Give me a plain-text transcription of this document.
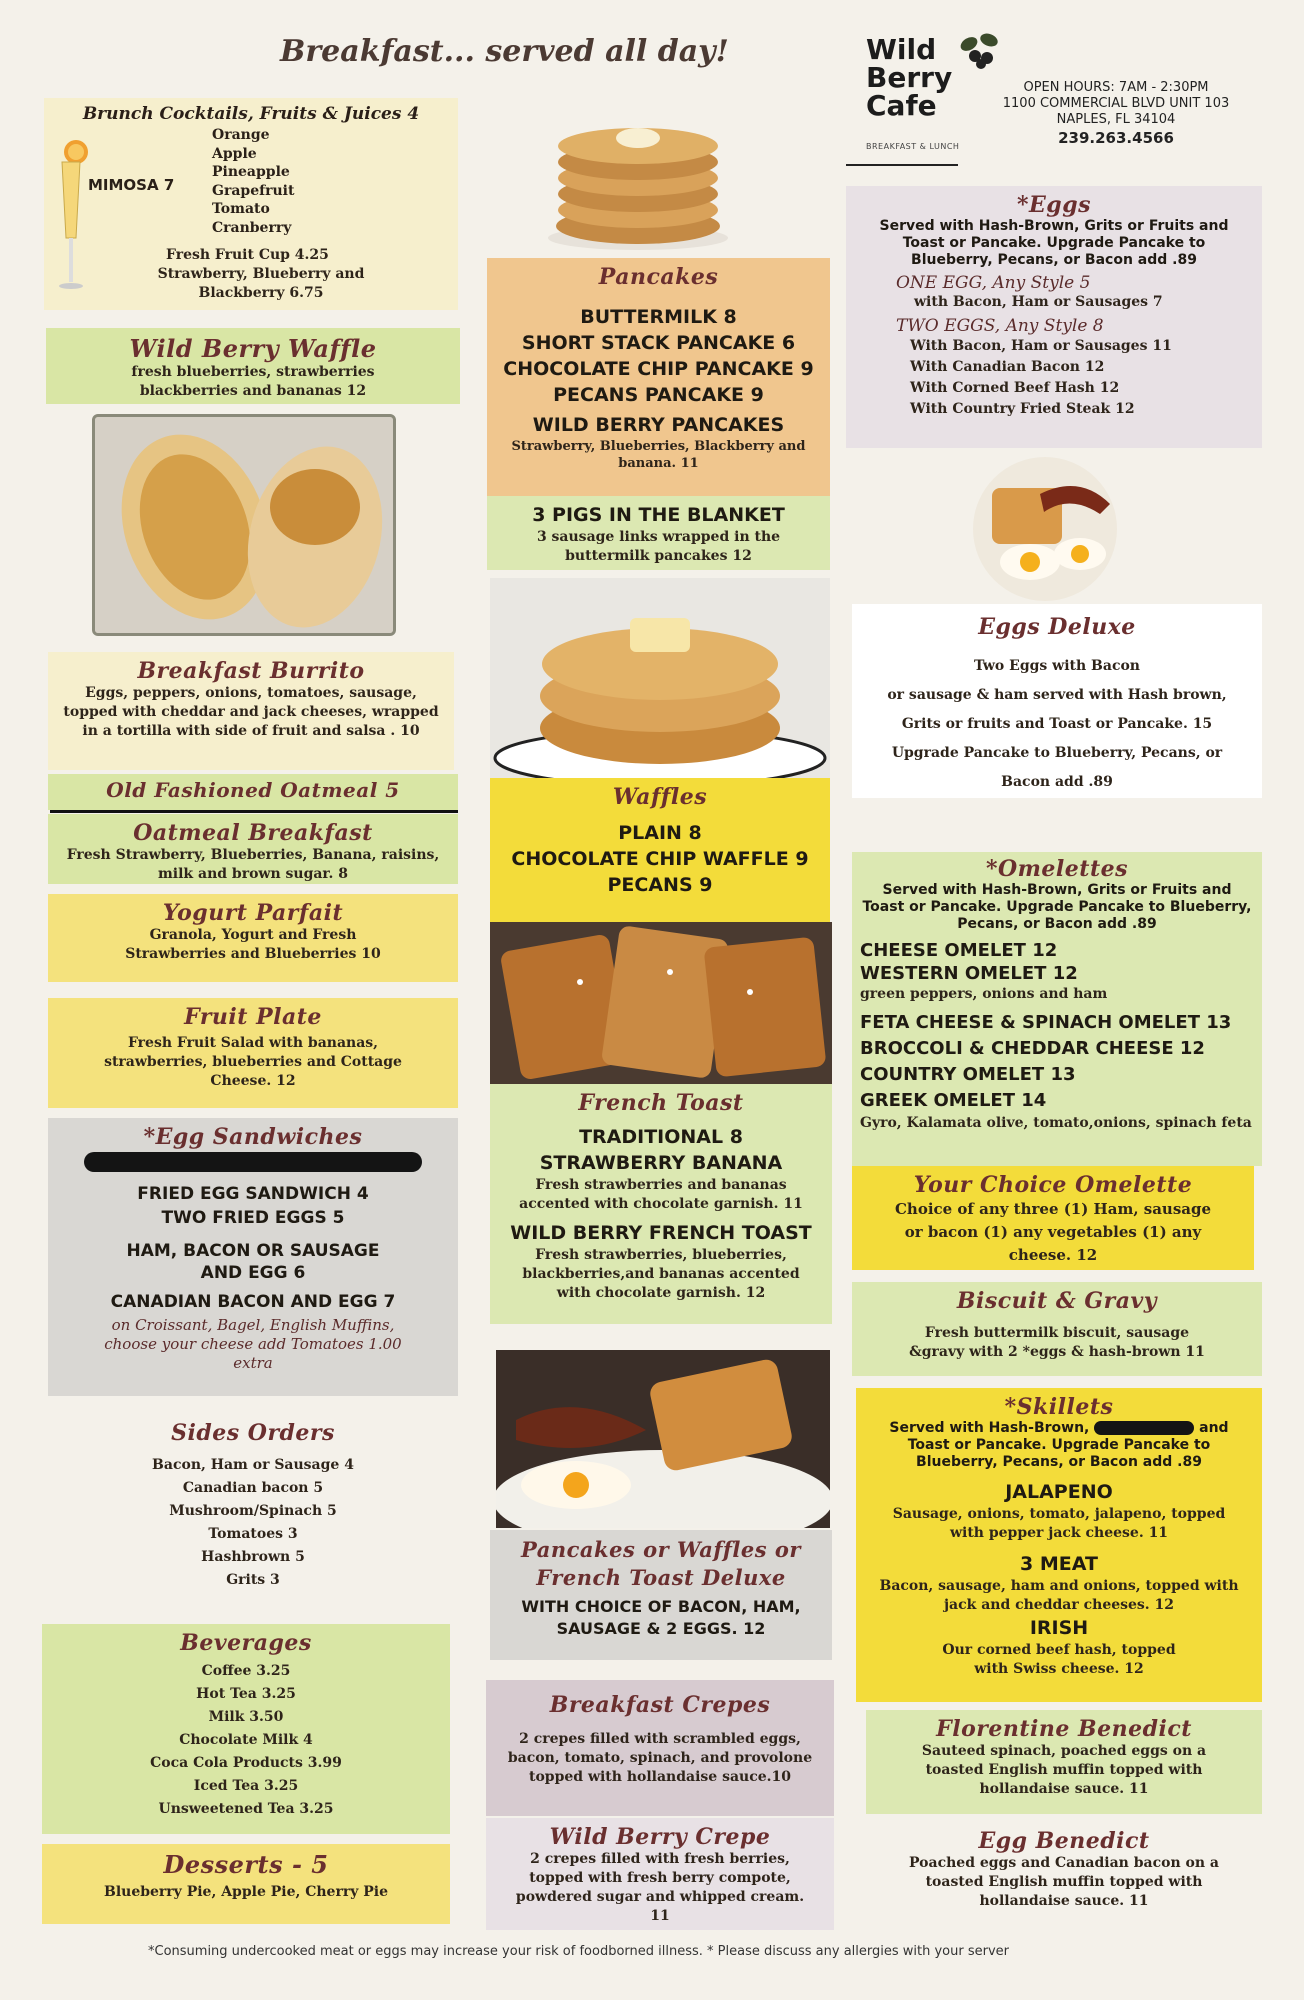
Breakfast... served all day!	Wild
Berry
Cafe
BREAKFAST & LUNCH
OPEN HOURS: 7AM - 2:30PM
1100 COMMERCIAL BLVD UNIT 103
NAPLES, FL 34104
239.263.4566
Brunch Cocktails, Fruits & Juices 4
MIMOSA 7
Orange
Apple
Pineapple
Grapefruit
Tomato
Cranberry
Fresh Fruit Cup 4.25
Strawberry, Blueberry and Blackberry 6.75
Wild Berry Waffle
fresh blueberries, strawberries blackberries and bananas 12
Breakfast Burrito
Eggs, peppers, onions, tomatoes, sausage, topped with cheddar and jack cheeses, wrapped in a tortilla with side of fruit and salsa . 10
Old Fashioned Oatmeal 5
Oatmeal Breakfast
Fresh Strawberry, Blueberries, Banana, raisins, milk and brown sugar. 8
Yogurt Parfait
Granola, Yogurt and Fresh Strawberries and Blueberries 10
Fruit Plate
Fresh Fruit Salad with bananas, strawberries, blueberries and Cottage Cheese. 12
*Egg Sandwiches
FRIED EGG SANDWICH 4
TWO FRIED EGGS 5
HAM, BACON OR SAUSAGE AND EGG 6
CANADIAN BACON AND EGG 7
on Croissant, Bagel, English Muffins, choose your cheese add Tomatoes 1.00 extra
Sides Orders
Bacon, Ham or Sausage 4
Canadian bacon 5
Mushroom/Spinach 5
Tomatoes 3
Hashbrown 5
Grits 3
Beverages
Coffee 3.25
Hot Tea 3.25
Milk 3.50
Chocolate Milk 4
Coca Cola Products 3.99
Iced Tea 3.25
Unsweetened Tea 3.25
Desserts - 5
Blueberry Pie, Apple Pie, Cherry Pie
Pancakes
BUTTERMILK 8
SHORT STACK PANCAKE 6
CHOCOLATE CHIP PANCAKE 9
PECANS PANCAKE 9
WILD BERRY PANCAKES
Strawberry, Blueberries, Blackberry and banana. 11
3 PIGS IN THE BLANKET
3 sausage links wrapped in the buttermilk pancakes 12
Waffles
PLAIN 8
CHOCOLATE CHIP WAFFLE 9
PECANS 9
French Toast
TRADITIONAL 8
STRAWBERRY BANANA
Fresh strawberries and bananas accented with chocolate garnish. 11
WILD BERRY FRENCH TOAST
Fresh strawberries, blueberries, blackberries,and bananas accented with chocolate garnish. 12
Pancakes or Waffles or French Toast Deluxe
WITH CHOICE OF BACON, HAM, SAUSAGE & 2 EGGS. 12
Breakfast Crepes
2 crepes filled with scrambled eggs, bacon, tomato, spinach, and provolone topped with hollandaise sauce.10
Wild Berry Crepe
2 crepes filled with fresh berries, topped with fresh berry compote, powdered sugar and whipped cream. 11
*Eggs
Served with Hash-Brown, Grits or Fruits and Toast or Pancake. Upgrade Pancake to Blueberry, Pecans, or Bacon add .89
ONE EGG, Any Style 5
with Bacon, Ham or Sausages 7
TWO EGGS, Any Style 8
With Bacon, Ham or Sausages 11
With Canadian Bacon 12
With Corned Beef Hash 12
With Country Fried Steak 12
Eggs Deluxe
Two Eggs with Bacon
or sausage & ham served with Hash brown,
Grits or fruits and Toast or Pancake. 15
Upgrade Pancake to Blueberry, Pecans, or
Bacon add .89
*Omelettes
Served with Hash-Brown, Grits or Fruits and Toast or Pancake. Upgrade Pancake to Blueberry, Pecans, or Bacon add .89
CHEESE OMELET 12
WESTERN OMELET 12
green peppers, onions and ham
FETA CHEESE & SPINACH OMELET 13
BROCCOLI & CHEDDAR CHEESE 12
COUNTRY OMELET 13
GREEK OMELET 14
Gyro, Kalamata olive, tomato,onions, spinach feta
Your Choice Omelette
Choice of any three (1) Ham, sausage or bacon (1) any vegetables (1) any cheese. 12
Biscuit & Gravy
Fresh buttermilk biscuit, sausage &gravy with 2 *eggs & hash-brown 11
*Skillets
Served with Hash-Brown,	and Toast or Pancake. Upgrade Pancake to Blueberry, Pecans, or Bacon add .89
JALAPENO
Sausage, onions, tomato, jalapeno, topped with pepper jack cheese. 11
3 MEAT
Bacon, sausage, ham and onions, topped with jack and cheddar cheeses. 12
IRISH
Our corned beef hash, topped with Swiss cheese. 12
Florentine Benedict
Sauteed spinach, poached eggs on a toasted English muffin topped with hollandaise sauce. 11
Egg Benedict
Poached eggs and Canadian bacon on a toasted English muffin topped with hollandaise sauce. 11
*Consuming undercooked meat or eggs may increase your risk of foodborned illness. * Please discuss any allergies with your server
